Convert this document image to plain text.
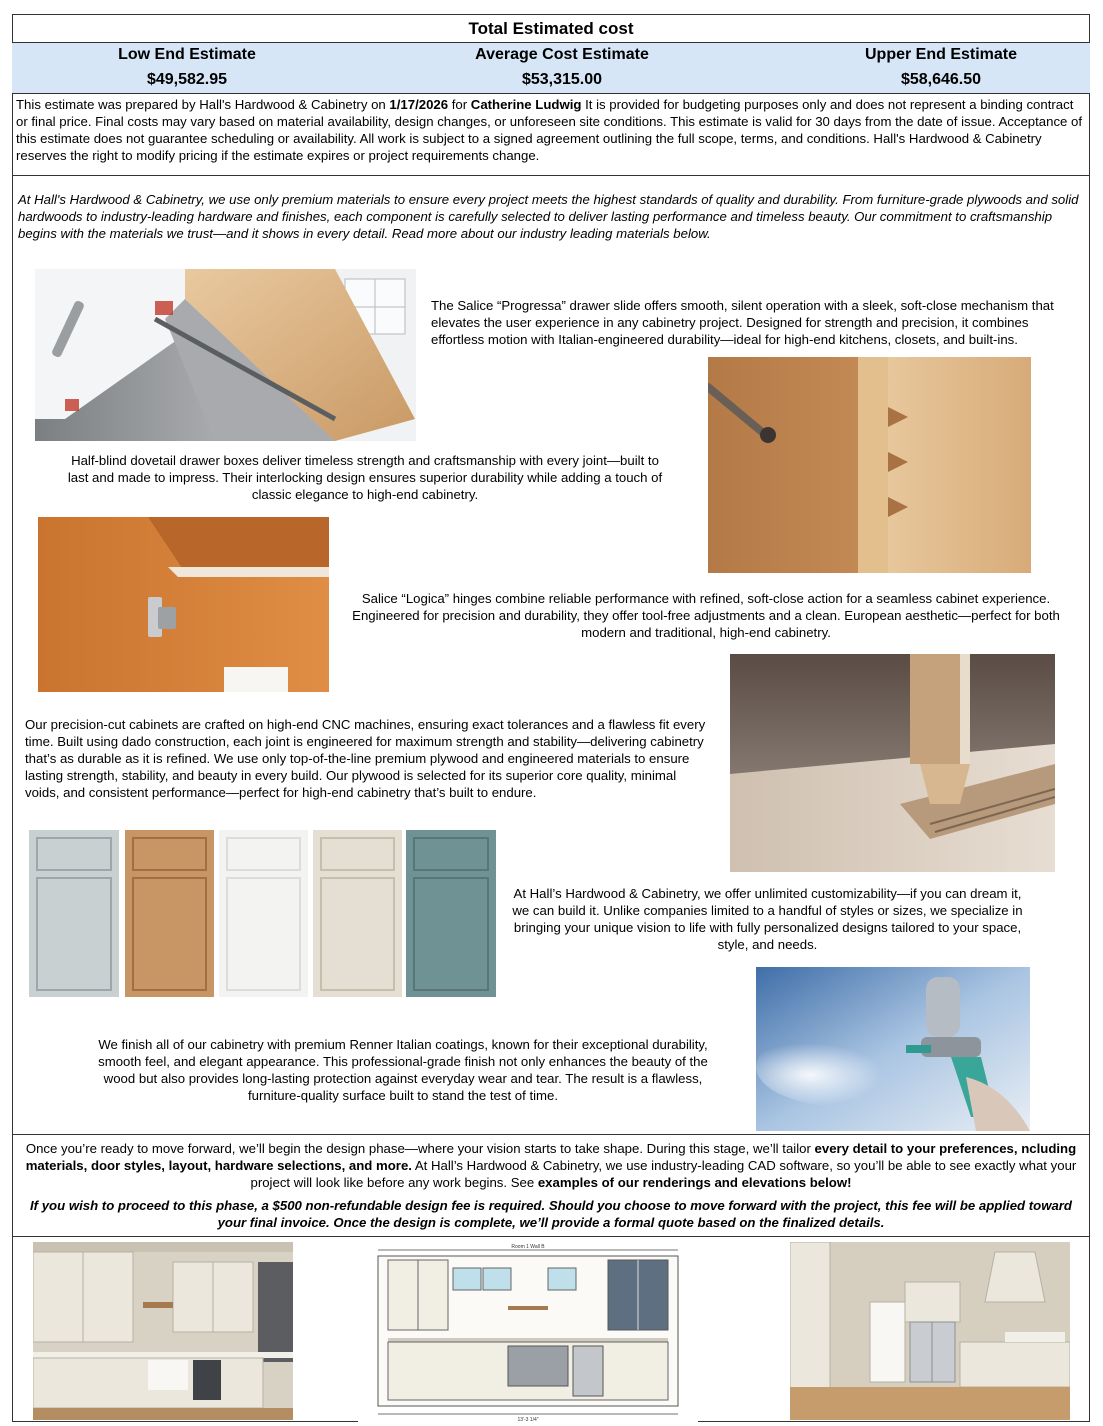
Total Estimated cost
Low End Estimate
$49,582.95
Average Cost Estimate
$53,315.00
Upper End Estimate
$58,646.50
This estimate was prepared by Hall's Hardwood & Cabinetry on 1/17/2026 for Catherine Ludwig It is provided for budgeting purposes only and does not represent a binding contract or final price. Final costs may vary based on material availability, design changes, or unforeseen site conditions. This estimate is valid for 30 days from the date of issue. Acceptance of this estimate does not guarantee scheduling or availability. All work is subject to a signed agreement outlining the full scope, terms, and conditions. Hall's Hardwood & Cabinetry reserves the right to modify pricing if the estimate expires or project requirements change.
At Hall's Hardwood & Cabinetry, we use only premium materials to ensure every project meets the highest standards of quality and durability. From furniture-grade plywoods and solid hardwoods to industry-leading hardware and finishes, each component is carefully selected to deliver lasting performance and timeless beauty. Our commitment to craftsmanship begins with the materials we trust—and it shows in every detail. Read more about our industry leading materials below.
The Salice “Progressa” drawer slide offers smooth, silent operation with a sleek, soft-close mechanism that elevates the user experience in any cabinetry project. Designed for strength and precision, it combines effortless motion with Italian-engineered durability—ideal for high-end kitchens, closets, and built-ins.
Half-blind dovetail drawer boxes deliver timeless strength and craftsmanship with every joint—built to last and made to impress. Their interlocking design ensures superior durability while adding a touch of classic elegance to high-end cabinetry.
Salice “Logica” hinges combine reliable performance with refined, soft-close action for a seamless cabinet experience. Engineered for precision and durability, they offer tool-free adjustments and a clean. European aesthetic—perfect for both modern and traditional, high-end cabinetry.
Our precision-cut cabinets are crafted on high-end CNC machines, ensuring exact tolerances and a flawless fit every time. Built using dado construction, each joint is engineered for maximum strength and stability—delivering cabinetry that’s as durable as it is refined. We use only top-of-the-line premium plywood and engineered materials to ensure lasting strength, stability, and beauty in every build. Our plywood is selected for its superior core quality, minimal voids, and consistent performance—perfect for high-end cabinetry that’s built to endure.
At Hall’s Hardwood & Cabinetry, we offer unlimited customizability—if you can dream it, we can build it. Unlike companies limited to a handful of styles or sizes, we specialize in bringing your unique vision to life with fully personalized designs tailored to your space, style, and needs.
We finish all of our cabinetry with premium Renner Italian coatings, known for their exceptional durability, smooth feel, and elegant appearance. This professional-grade finish not only enhances the beauty of the wood but also provides long-lasting protection against everyday wear and tear. The result is a flawless, furniture-quality surface built to stand the test of time.
Once you’re ready to move forward, we’ll begin the design phase—where your vision starts to take shape. During this stage, we’ll tailor every detail to your preferences, ncluding materials, door styles, layout, hardware selections, and more. At Hall’s Hardwood & Cabinetry, we use industry-leading CAD software, so you’ll be able to see exactly what your project will look like before any work begins. See examples of our renderings and elevations below!
If you wish to proceed to this phase, a $500 non-refundable design fee is required. Should you choose to move forward with the project, this fee will be applied toward your final invoice. Once the design is complete, we’ll provide a formal quote based on the finalized details.
Room 1 Wall B
13'-3 1/4"
